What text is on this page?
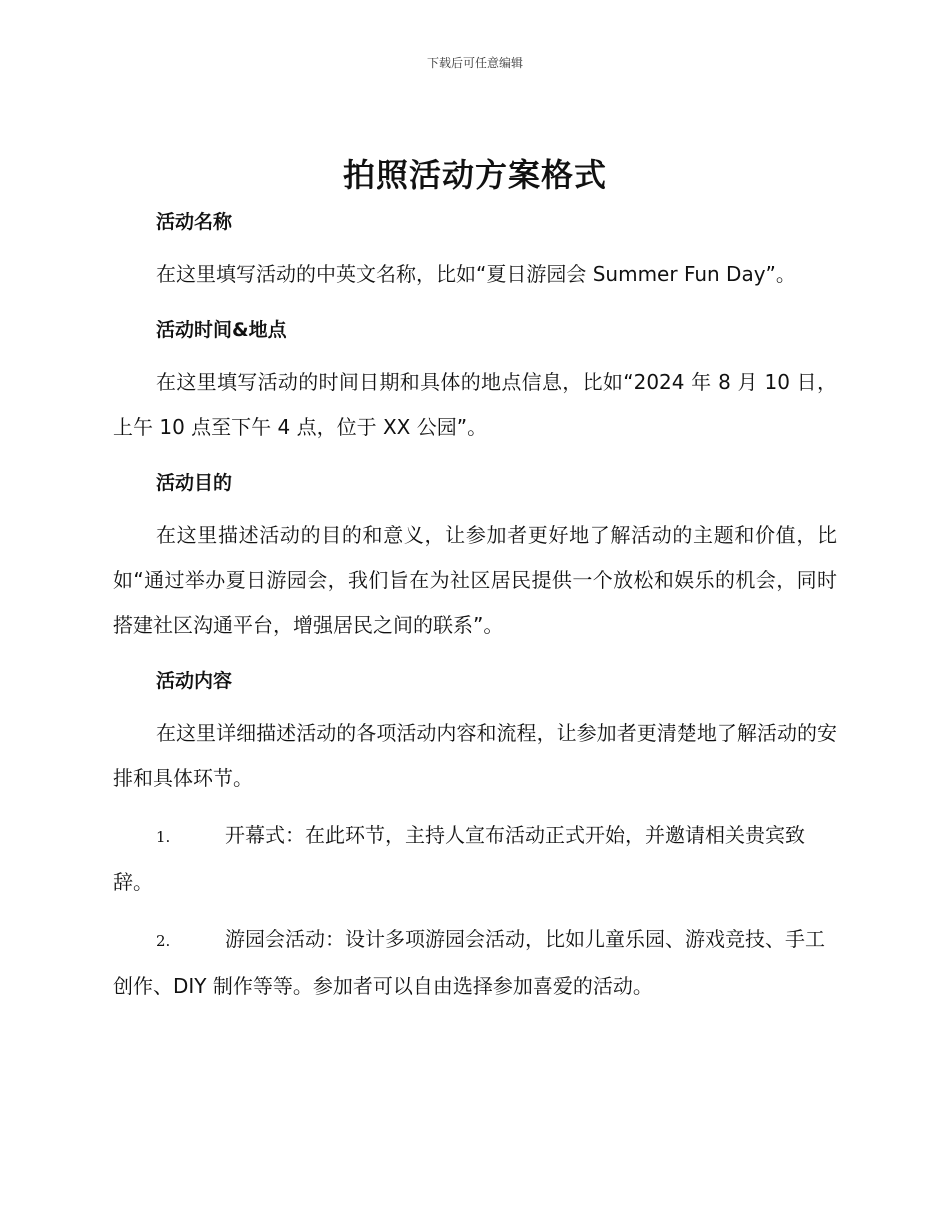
下载后可任意编辑
拍照活动方案格式

活动名称

在这里填写活动的中英文名称，比如“夏日游园会 Summer Fun Day”。

活动时间&地点

在这里填写活动的时间日期和具体的地点信息，比如“2024 年 8 月 10 日，上午 10 点至下午 4 点，位于 XX 公园”。

活动目的

在这里描述活动的目的和意义，让参加者更好地了解活动的主题和价值，比如“通过举办夏日游园会，我们旨在为社区居民提供一个放松和娱乐的机会，同时搭建社区沟通平台，增强居民之间的联系”。

活动内容

在这里详细描述活动的各项活动内容和流程，让参加者更清楚地了解活动的安排和具体环节。

1.	开幕式：在此环节，主持人宣布活动正式开始，并邀请相关贵宾致辞。

2.	游园会活动：设计多项游园会活动，比如儿童乐园、游戏竞技、手工创作、DIY 制作等等。参加者可以自由选择参加喜爱的活动。
